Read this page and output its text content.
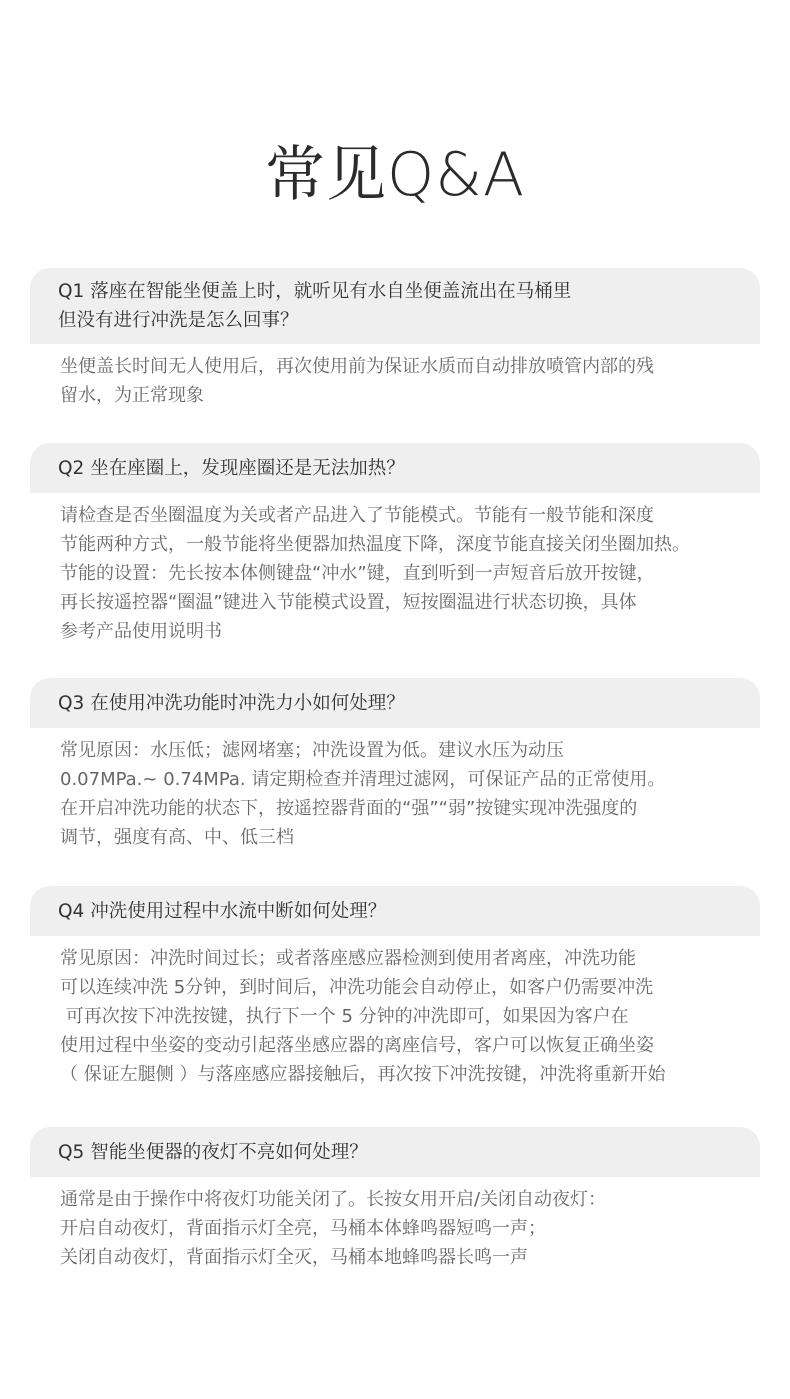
常见Q&A
Q1 落座在智能坐便盖上时，就听见有水自坐便盖流出在马桶里
但没有进行冲洗是怎么回事？
坐便盖长时间无人使用后，再次使用前为保证水质而自动排放喷管内部的残
留水，为正常现象
Q2 坐在座圈上，发现座圈还是无法加热？
请检查是否坐圈温度为关或者产品进入了节能模式。节能有一般节能和深度
节能两种方式，一般节能将坐便器加热温度下降，深度节能直接关闭坐圈加热。
节能的设置：先长按本体侧键盘“冲水”键，直到听到一声短音后放开按键，
再长按遥控器“圈温”键进入节能模式设置，短按圈温进行状态切换，具体
参考产品使用说明书
Q3 在使用冲洗功能时冲洗力小如何处理？
常见原因：水压低；滤网堵塞；冲洗设置为低。建议水压为动压
0.07MPa.~ 0.74MPa. 请定期检查并清理过滤网，可保证产品的正常使用。
在开启冲洗功能的状态下，按遥控器背面的“强”“弱”按键实现冲洗强度的
调节，强度有高、中、低三档
Q4 冲洗使用过程中水流中断如何处理？
常见原因：冲洗时间过长；或者落座感应器检测到使用者离座，冲洗功能
可以连续冲洗 5分钟，到时间后，冲洗功能会自动停止，如客户仍需要冲洗
可再次按下冲洗按键，执行下一个 5 分钟的冲洗即可，如果因为客户在
使用过程中坐姿的变动引起落坐感应器的离座信号，客户可以恢复正确坐姿
（ 保证左腿侧 ）与落座感应器接触后，再次按下冲洗按键，冲洗将重新开始
Q5 智能坐便器的夜灯不亮如何处理？
通常是由于操作中将夜灯功能关闭了。长按女用开启/关闭自动夜灯：
开启自动夜灯，背面指示灯全亮，马桶本体蜂鸣器短鸣一声；
关闭自动夜灯，背面指示灯全灭，马桶本地蜂鸣器长鸣一声
